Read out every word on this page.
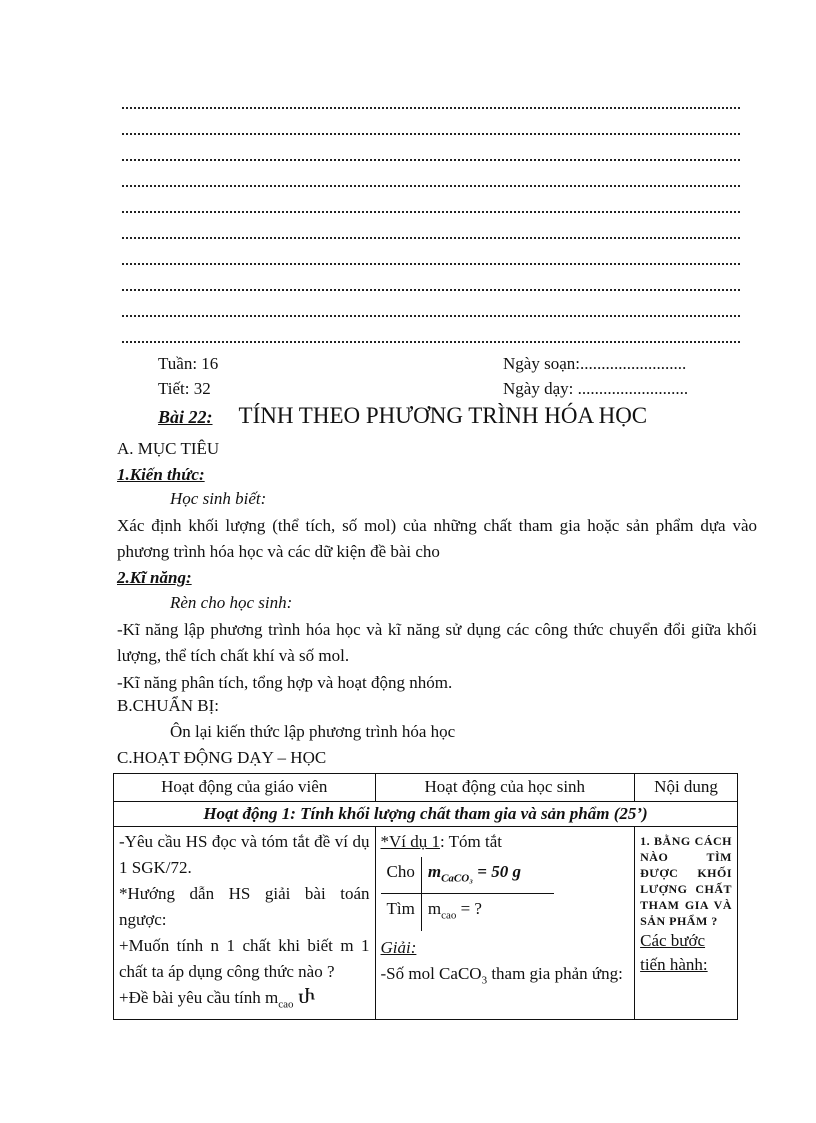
Tuần: 16	Ngày soạn:.........................
Tiết: 32	Ngày dạy: ..........................
Bài 22: TÍNH THEO PHƯƠNG TRÌNH HÓA HỌC
A. MỤC TIÊU
1.Kiến thức:
Học sinh biết:
Xác định khối lượng (thể tích, số mol) của những chất tham gia hoặc sản phẩm dựa vào phương trình hóa học và các dữ kiện đề bài cho
2.Kĩ năng:
Rèn cho học sinh:
-Kĩ năng lập phương trình hóa học và kĩ năng sử dụng các công thức chuyển đổi giữa khối lượng, thể tích chất khí và số mol.
-Kĩ năng phân tích, tổng hợp và hoạt động nhóm.
B.CHUẨN BỊ:
Ôn lại kiến thức lập phương trình hóa học
C.HOẠT ĐỘNG DẠY – HỌC
Hoạt động của giáo viên	Hoạt động của học sinh	Nội dung
Hoạt động 1: Tính khối lượng chất tham gia và sản phẩm (25’)

-Yêu cầu HS đọc và tóm tắt đề ví dụ 1 SGK/72.
*Hướng dẫn HS giải bài toán ngược:
+Muốn tính n 1 chất khi biết m 1 chất ta áp dụng công thức nào ?
+Đề bài yêu cầu tính $m_{cao}$ Ⴐ

*Ví dụ 1: Tóm tắt
Cho	$m_{CaCO_3} = 50$ g
Tìm	$m_{cao}$ = ?
Giải:
-Số mol CaCO$_3$ tham gia phản ứng:

1. BẰNG CÁCH NÀO TÌM ĐƯỢC KHỐI LƯỢNG CHẤT THAM GIA VÀ SẢN PHẨM ?
Các bước tiến hành:
